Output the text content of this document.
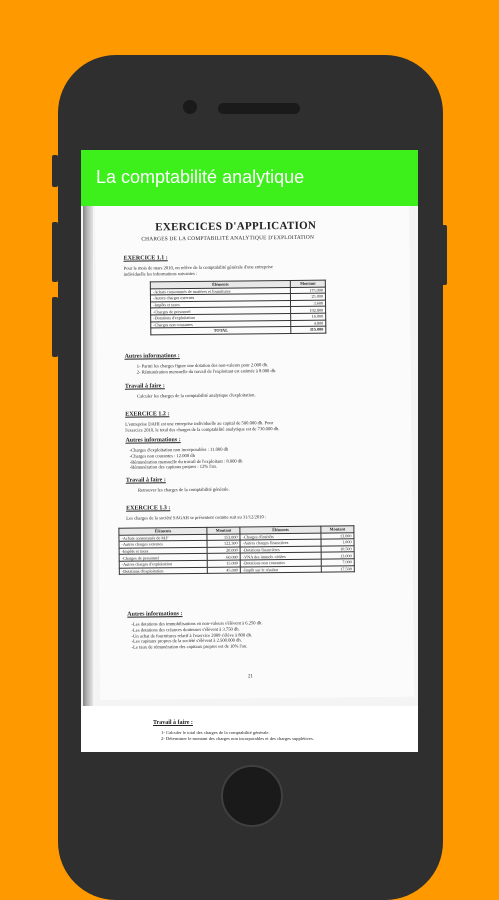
La comptabilité analytique
EXERCICES D'APPLICATION
CHARGES DE LA COMPTABILITÉ ANALYTIQUE D'EXPLOITATION
EXERCICE 1.1 :
Pour le mois de mars 2010, on relève de la comptabilité générale d'une entreprise
individuelle les informations suivantes :
Éléments	Montant
-Achats consommés de matières et fournitures	175.000
-Autres charges externes	25.000
-Impôts et taxes	3.600
-Charges de personnel	102.800
-Dotations d'exploitation	16.000
-Charges non courantes	4.800
TOTAL	315.000
Autres informations :
1- Parmi les charges figure une dotation des non-valeurs pour 2.000 dh.
2- Rémunération mensuelle du travail de l'exploitant est estimée à 8.000 dh.
Travail à faire :
Calculer les charges de la comptabilité analytique d'exploitation.
EXERCICE 1.2 :
L'entreprise DAHI est une entreprise individuelle au capital de 500.000 dh. Pour
l'exercice 2010, le total des charges de la comptabilité analytique est de 730.000 dh.
Autres informations :
-Charges d'exploitation non incorporables : 11.000 dh
-Charges non courantes : 12.000 dh
-Rémunération mensuelle du travail de l'exploitant : 8.000 dh
-Rémunération des capitaux propres : 12% l'an.
Travail à faire :
Retrouver les charges de la comptabilité générale.
EXERCICE 1.3 :
Les charges de la société SAGAH se présentent comme suit au 31/12/2010 :
Éléments	Montant	Éléments	Montant
-Achats consommés de M.F	153.000	-Charges d'intérêts	13.000
-Autres charges externes	122.300	-Autres charges financières	1.000
-Impôts et taxes	20.000	-Dotations financières	10.500
-Charges de personnel	60.000	-VNA des immob. cédées	13.000
-Autres charges d'exploitation	15.000	-Dotations non courantes	7.000
-Dotations d'exploitation	45.000	-Impôt sur le résultat	17.500
Autres informations :
-Les dotations des immobilisations en non-valeurs s'élèvent à 6.250 dh.
-Les dotations des créances douteuses s'élèvent à 3.750 dh.
-Un achat de fournitures relatif à l'exercice 2009 s'élève à 800 dh.
-Les capitaux propres de la société s'élèvent à 2.500.000 dh.
-Le taux de rémunération des capitaux propres est de 10% l'an.
21
Travail à faire :
1- Calculer le total des charges de la comptabilité générale.
2- Déterminer le montant des charges non incorporables et des charges supplétives.
